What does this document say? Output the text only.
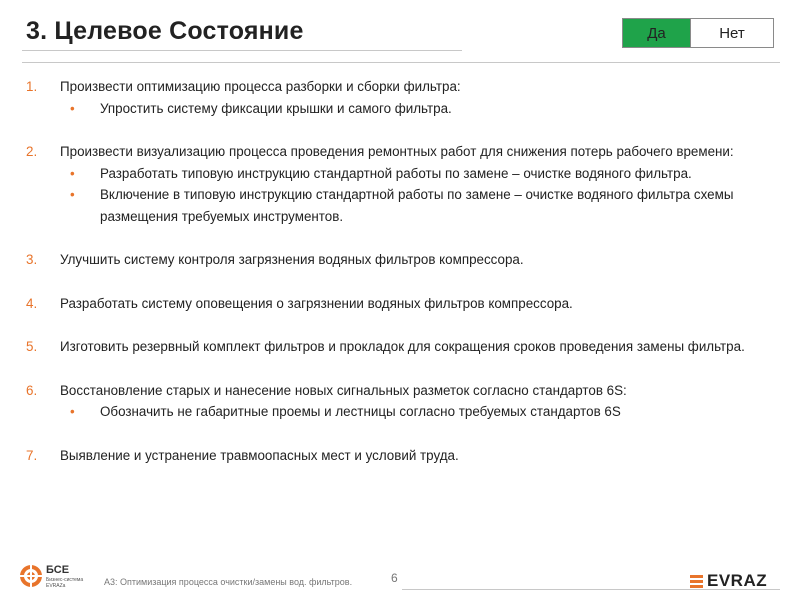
3. Целевое Состояние	Да	Нет
1. Произвести оптимизацию процесса разборки и сборки фильтра:
• Упростить систему фиксации крышки и самого фильтра.
2. Произвести визуализацию процесса проведения ремонтных работ для снижения потерь рабочего времени:
• Разработать типовую инструкцию стандартной работы по замене – очистке водяного фильтра.
• Включение в типовую инструкцию стандартной работы по замене – очистке водяного фильтра схемы размещения требуемых инструментов.
3. Улучшить систему контроля загрязнения водяных фильтров компрессора.
4. Разработать систему оповещения о загрязнении водяных фильтров компрессора.
5. Изготовить резервный комплект фильтров и прокладок для сокращения сроков проведения замены фильтра.
6. Восстановление старых и нанесение новых сигнальных разметок согласно стандартов 6S:
• Обозначить не габаритные проемы и лестницы согласно требуемых стандартов 6S
7. Выявление и устранение травмоопасных мест и условий труда.
БСЕ
Бизнес-система
EVRAZa	А3: Оптимизация процесса очистки/замены вод. фильтров.	6	EVRAZ
